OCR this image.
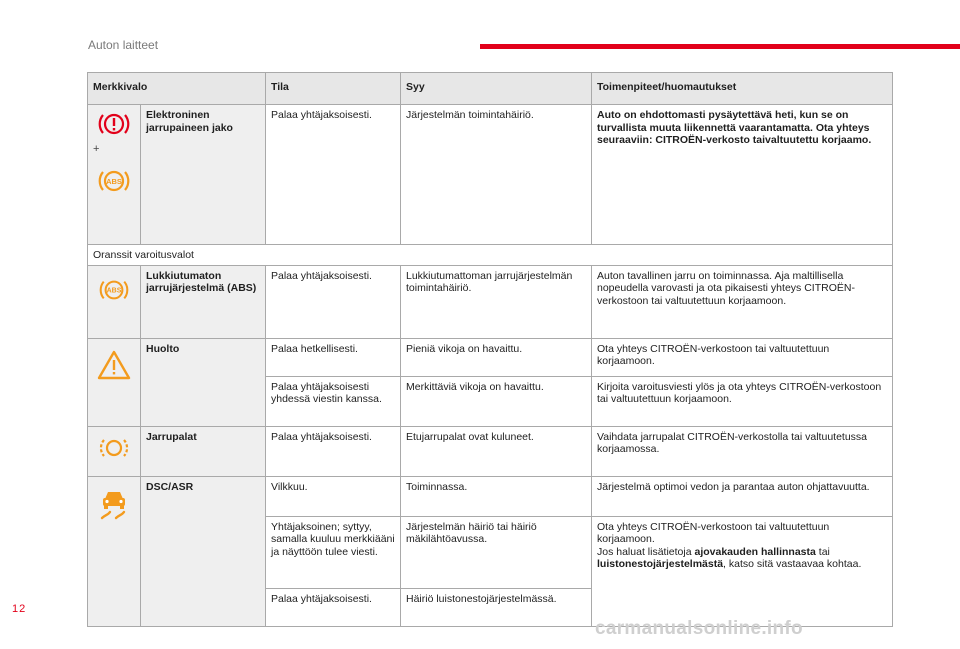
Auton laitteet
Merkkivalo		Tila	Syy	Toimenpiteet/huomautukset

+
ABS	Elektroninen jarrupaineen jako	Palaa yhtäjaksoisesti.	Järjestelmän toimintahäiriö.	Auto on ehdottomasti pysäytettävä heti, kun se on turvallista muuta liikennettä vaarantamatta. Ota yhteys seuraaviin: CITROËN-verkosto taivaltuutettu korjaamo.
Oranssit varoitusvalot				

ABS	Lukkiutumaton jarrujärjestelmä (ABS)	Palaa yhtäjaksoisesti.	Lukkiutumattoman jarrujärjestelmän toimintahäiriö.	Auton tavallinen jarru on toiminnassa. Aja maltillisella nopeudella varovasti ja ota pikaisesti yhteys CITROËN-verkostoon tai valtuutettuun korjaamoon.

	Huolto	Palaa hetkellisesti.	Pieniä vikoja on havaittu.	Ota yhteys CITROËN-verkostoon tai valtuutettuun korjaamoon.
		Palaa yhtäjaksoisesti yhdessä viestin kanssa.	Merkittäviä vikoja on havaittu.	Kirjoita varoitusviesti ylös ja ota yhteys CITROËN-verkostoon tai valtuutettuun korjaamoon.

	Jarrupalat	Palaa yhtäjaksoisesti.	Etujarrupalat ovat kuluneet.	Vaihdata jarrupalat CITROËN-verkostolla tai valtuutetussa korjaamossa.

	DSC/ASR	Vilkkuu.	Toiminnassa.	Järjestelmä optimoi vedon ja parantaa auton ohjattavuutta.
		Yhtäjaksoinen; syttyy, samalla kuuluu merkkiääni ja näyttöön tulee viesti.	Järjestelmän häiriö tai häiriö mäkilähtöavussa.	Ota yhteys CITROËN-verkostoon tai valtuutettuun korjaamoon.
Jos haluat lisätietoja ajovakauden hallinnasta tai luistonestojärjestelmästä, katso sitä vastaavaa kohtaa.
		Palaa yhtäjaksoisesti.	Häiriö luistonestojärjestelmässä.	
12
carmanualsonline.info
